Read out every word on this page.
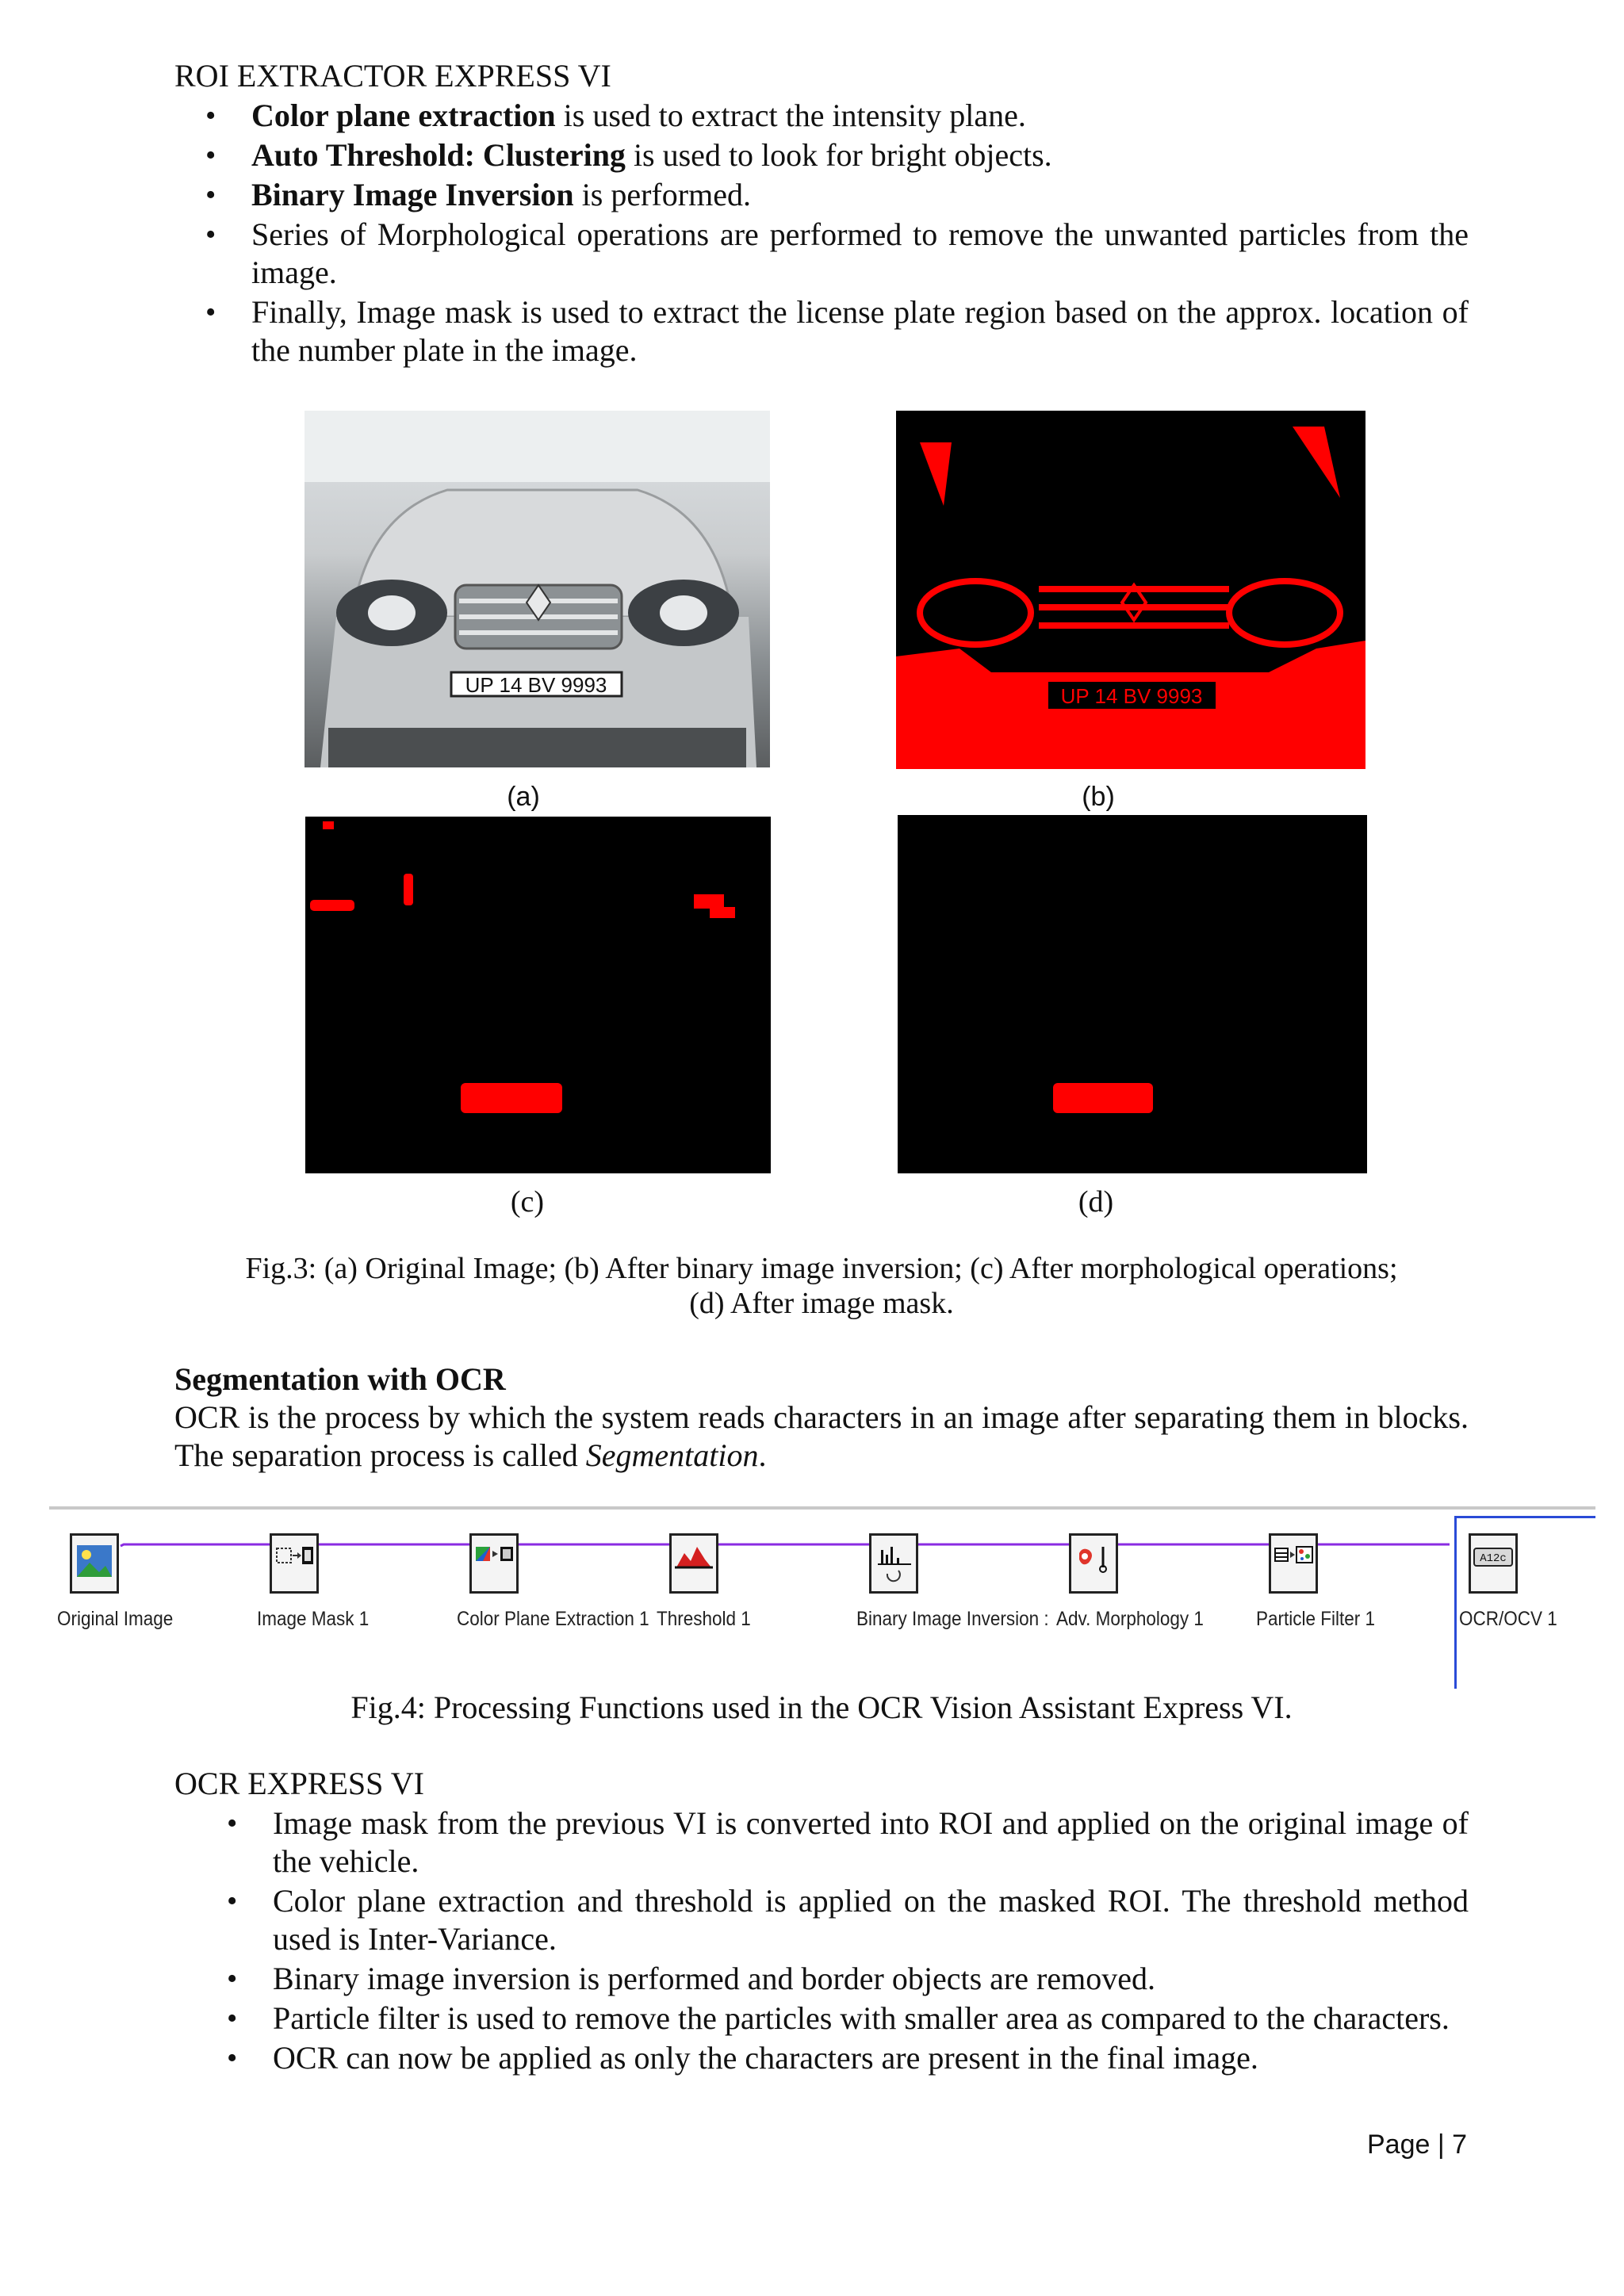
ROI EXTRACTOR EXPRESS VI
• Color plane extraction is used to extract the intensity plane.
• Auto Threshold: Clustering is used to look for bright objects.
• Binary Image Inversion is performed.
• Series of Morphological operations are performed to remove the unwanted particles from the image.
• Finally, Image mask is used to extract the license plate region based on the approx. location of the number plate in the image.
UP 14 BV 9993	UP 14 BV 9993
(a)	(b)
(c)	(d)
Fig.3: (a) Original Image; (b) After binary image inversion; (c) After morphological operations;
(d) After image mask.
Segmentation with OCR
OCR is the process by which the system reads characters in an image after separating them in blocks. The separation process is called Segmentation.
Original Image	Image Mask 1	Color Plane Extraction 1 Threshold 1	Binary Image Inversion : Adv. Morphology 1	Particle Filter 1
A12c
OCR/OCV 1
Fig.4: Processing Functions used in the OCR Vision Assistant Express VI.
OCR EXPRESS VI
• Image mask from the previous VI is converted into ROI and applied on the original image of the vehicle.
• Color plane extraction and threshold is applied on the masked ROI. The threshold method used is Inter-Variance.
• Binary image inversion is performed and border objects are removed.
• Particle filter is used to remove the particles with smaller area as compared to the characters.
• OCR can now be applied as only the characters are present in the final image.
Page | 7
